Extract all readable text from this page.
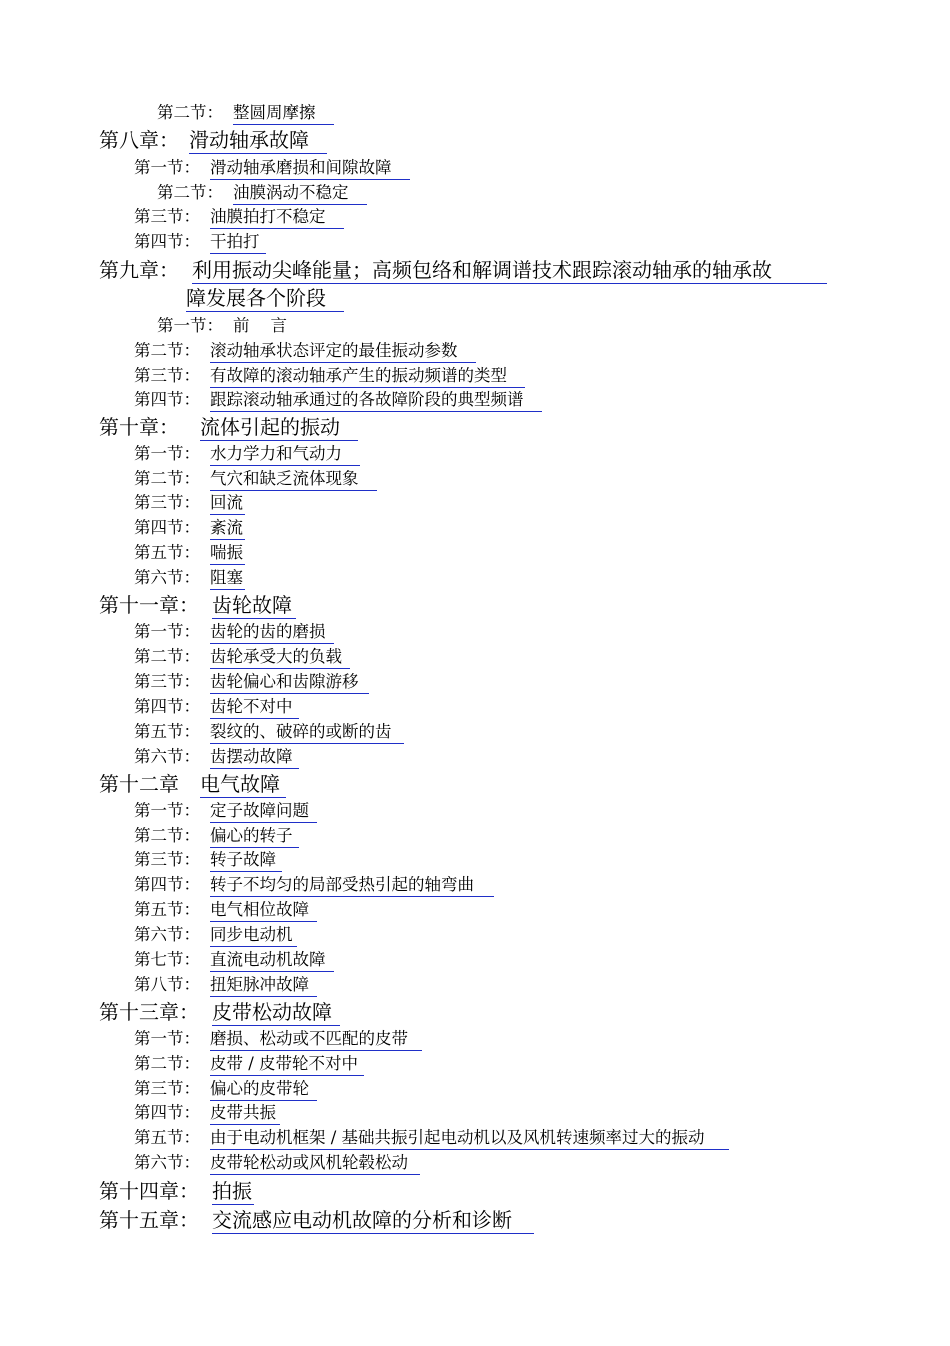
第二节： 整圆周摩擦
第八章： 滑动轴承故障
第一节： 滑动轴承磨损和间隙故障
第二节： 油膜涡动不稳定
第三节： 油膜拍打不稳定
第四节： 干拍打
第九章： 利用振动尖峰能量；高频包络和解调谱技术跟踪滚动轴承的轴承故
障发展各个阶段
第一节： 前    言
第二节： 滚动轴承状态评定的最佳振动参数
第三节： 有故障的滚动轴承产生的振动频谱的类型
第四节： 跟踪滚动轴承通过的各故障阶段的典型频谱
第十章： 流体引起的振动
第一节： 水力学力和气动力
第二节： 气穴和缺乏流体现象
第三节： 回流
第四节： 紊流
第五节： 喘振
第六节： 阻塞
第十一章： 齿轮故障
第一节： 齿轮的齿的磨损
第二节： 齿轮承受大的负载
第三节： 齿轮偏心和齿隙游移
第四节： 齿轮不对中
第五节： 裂纹的、破碎的或断的齿
第六节： 齿摆动故障
第十二章 电气故障
第一节： 定子故障问题
第二节： 偏心的转子
第三节： 转子故障
第四节： 转子不均匀的局部受热引起的轴弯曲
第五节： 电气相位故障
第六节： 同步电动机
第七节： 直流电动机故障
第八节： 扭矩脉冲故障
第十三章： 皮带松动故障
第一节： 磨损、松动或不匹配的皮带
第二节： 皮带 / 皮带轮不对中
第三节： 偏心的皮带轮
第四节： 皮带共振
第五节： 由于电动机框架 / 基础共振引起电动机以及风机转速频率过大的振动
第六节： 皮带轮松动或风机轮毂松动
第十四章： 拍振
第十五章： 交流感应电动机故障的分析和诊断
